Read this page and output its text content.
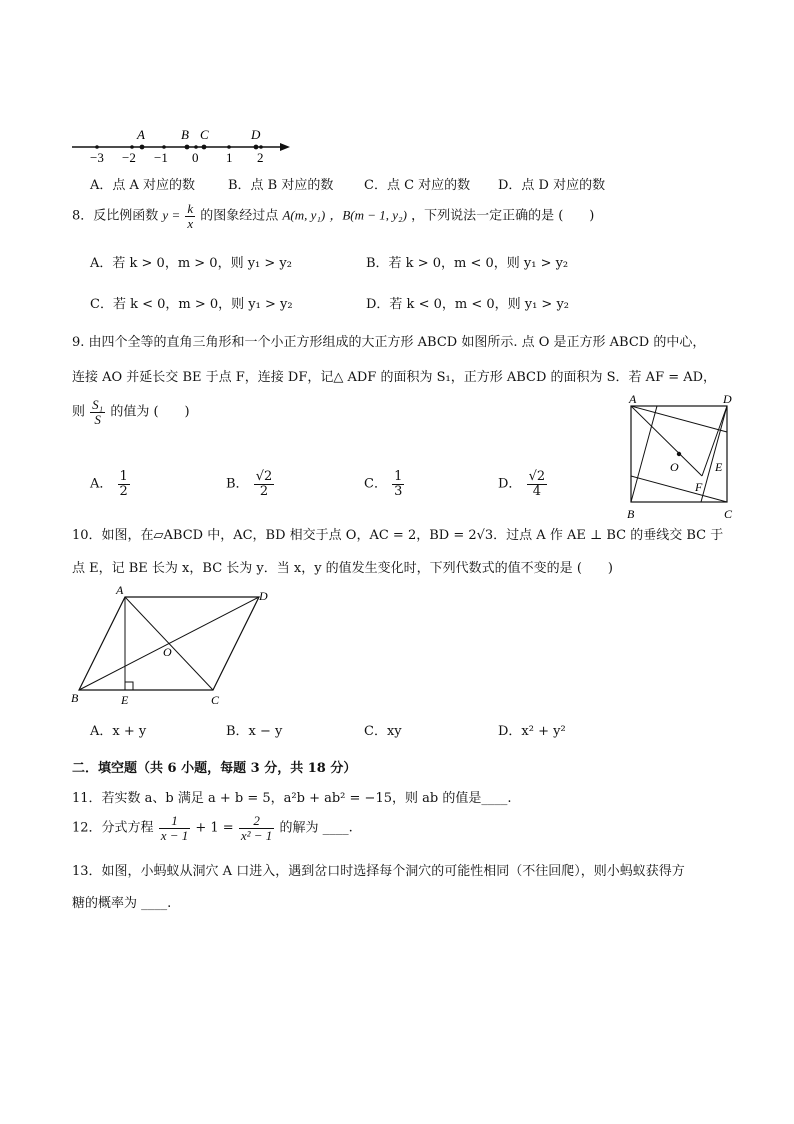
−3 −2 −1 0 1 2
A	B C	D
A．点 A 对应的数	B．点 B 对应的数 C．点 C 对应的数 D．点 D 对应的数
8．反比例函数 $y = \frac{k}{x}$ 的图象经过点 A(m, y₁) ，B(m − 1, y₂) ，下列说法一定正确的是 (　　)
A．若 k > 0，m > 0，则 y₁ > y₂	B．若 k > 0，m < 0，则 y₁ > y₂
C．若 k < 0，m > 0，则 y₁ > y₂	D．若 k < 0，m < 0，则 y₁ > y₂
9. 由四个全等的直角三角形和一个小正方形组成的大正方形 ABCD 如图所示. 点 O 是正方形 ABCD 的中心，
连接 AO 并延长交 BE 于点 F，连接 DF，记△ ADF 的面积为 S₁，正方形 ABCD 的面积为 S．若 AF = AD，
则 $\frac{\text{S₁}}{S}$ 的值为 (　　)
A． $\frac{1}{2}$	B． $\frac{√2}{2}$	C． $\frac{1}{3}$	D． $\frac{√2}{4}$
A	D
B	C
O	E
F
10．如图，在▱ABCD 中，AC，BD 相交于点 O，AC = 2，BD = 2√3．过点 A 作 AE ⊥ BC 的垂线交 BC 于
点 E，记 BE 长为 x，BC 长为 y．当 x，y 的值发生变化时，下列代数式的值不变的是 (　　)
A	D
O
B	E	C
A．x + y	B．x − y	C．xy	D．x² + y²
二．填空题（共 6 小题，每题 3 分，共 18 分）
11．若实数 a、b 满足 a + b = 5，a²b + ab² = −15，则 ab 的值是____.
12．分式方程 $\frac{1}{x - 1} + 1 = \frac{2}{\text{x² − 1}}$ 的解为 ____.
13．如图，小蚂蚁从洞穴 A 口进入，遇到岔口时选择每个洞穴的可能性相同（不往回爬），则小蚂蚁获得方
糖的概率为 ____.
